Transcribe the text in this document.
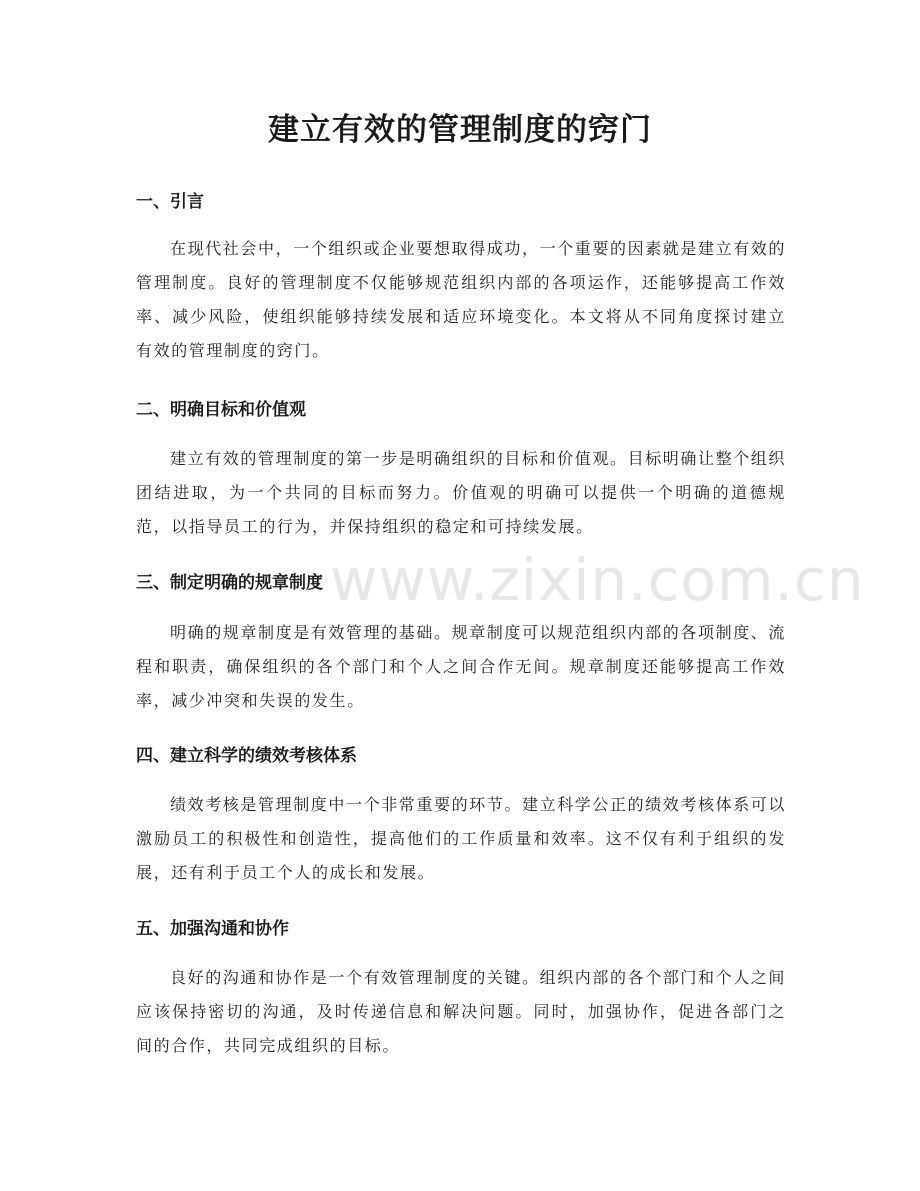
建立有效的管理制度的窍门
www.zixin.com.cn
一、引言

在现代社会中，一个组织或企业要想取得成功，一个重要的因素就是建立有效的管理制度。良好的管理制度不仅能够规范组织内部的各项运作，还能够提高工作效率、减少风险，使组织能够持续发展和适应环境变化。本文将从不同角度探讨建立有效的管理制度的窍门。

二、明确目标和价值观

建立有效的管理制度的第一步是明确组织的目标和价值观。目标明确让整个组织团结进取，为一个共同的目标而努力。价值观的明确可以提供一个明确的道德规范，以指导员工的行为，并保持组织的稳定和可持续发展。

三、制定明确的规章制度

明确的规章制度是有效管理的基础。规章制度可以规范组织内部的各项制度、流程和职责，确保组织的各个部门和个人之间合作无间。规章制度还能够提高工作效率，减少冲突和失误的发生。

四、建立科学的绩效考核体系

绩效考核是管理制度中一个非常重要的环节。建立科学公正的绩效考核体系可以激励员工的积极性和创造性，提高他们的工作质量和效率。这不仅有利于组织的发展，还有利于员工个人的成长和发展。

五、加强沟通和协作

良好的沟通和协作是一个有效管理制度的关键。组织内部的各个部门和个人之间应该保持密切的沟通，及时传递信息和解决问题。同时，加强协作，促进各部门之间的合作，共同完成组织的目标。
